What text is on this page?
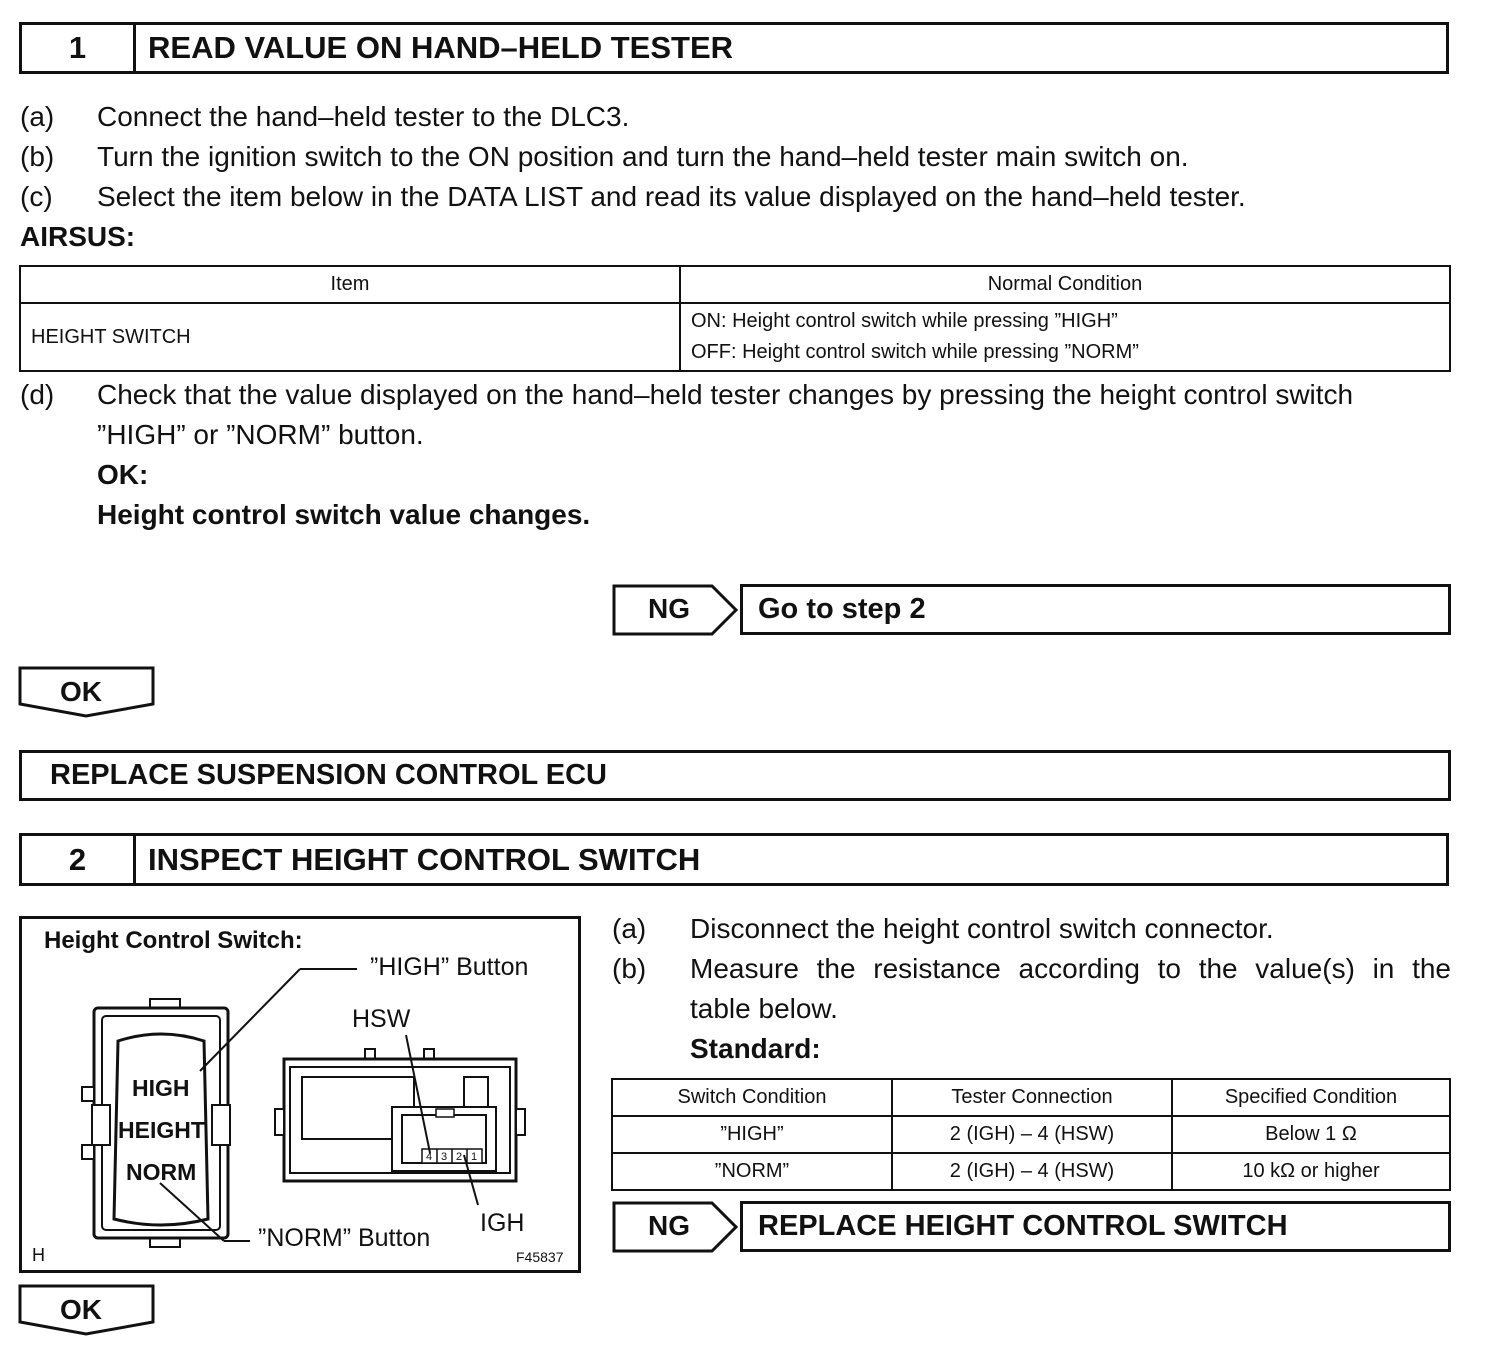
1	READ VALUE ON HAND–HELD TESTER
(a) Connect the hand–held tester to the DLC3.
(b) Turn the ignition switch to the ON position and turn the hand–held tester main switch on.
(c) Select the item below in the DATA LIST and read its value displayed on the hand–held tester.
AIRSUS:
Item	Normal Condition
HEIGHT SWITCH	ON: Height control switch while pressing ”HIGH”
OFF: Height control switch while pressing ”NORM”
(d) Check that the value displayed on the hand–held tester changes by pressing the height control switch
”HIGH” or ”NORM” button.
OK:
Height control switch value changes.
NG Go to step 2
OK
REPLACE SUSPENSION CONTROL ECU
2	INSPECT HEIGHT CONTROL SWITCH
Height Control Switch:
”HIGH” Button
”NORM” Button
HSW
IGH
HIGH
HEIGHT
NORM
4 3 2 1
H	F45837
(a) Disconnect the height control switch connector.
(b) Measure the resistance according to the value(s) in the
table below.
Standard:
Switch Condition	Tester Connection	Specified Condition
”HIGH”	2 (IGH) – 4 (HSW)	Below 1 Ω
”NORM”	2 (IGH) – 4 (HSW)	10 kΩ or higher
NG REPLACE HEIGHT CONTROL SWITCH
OK
